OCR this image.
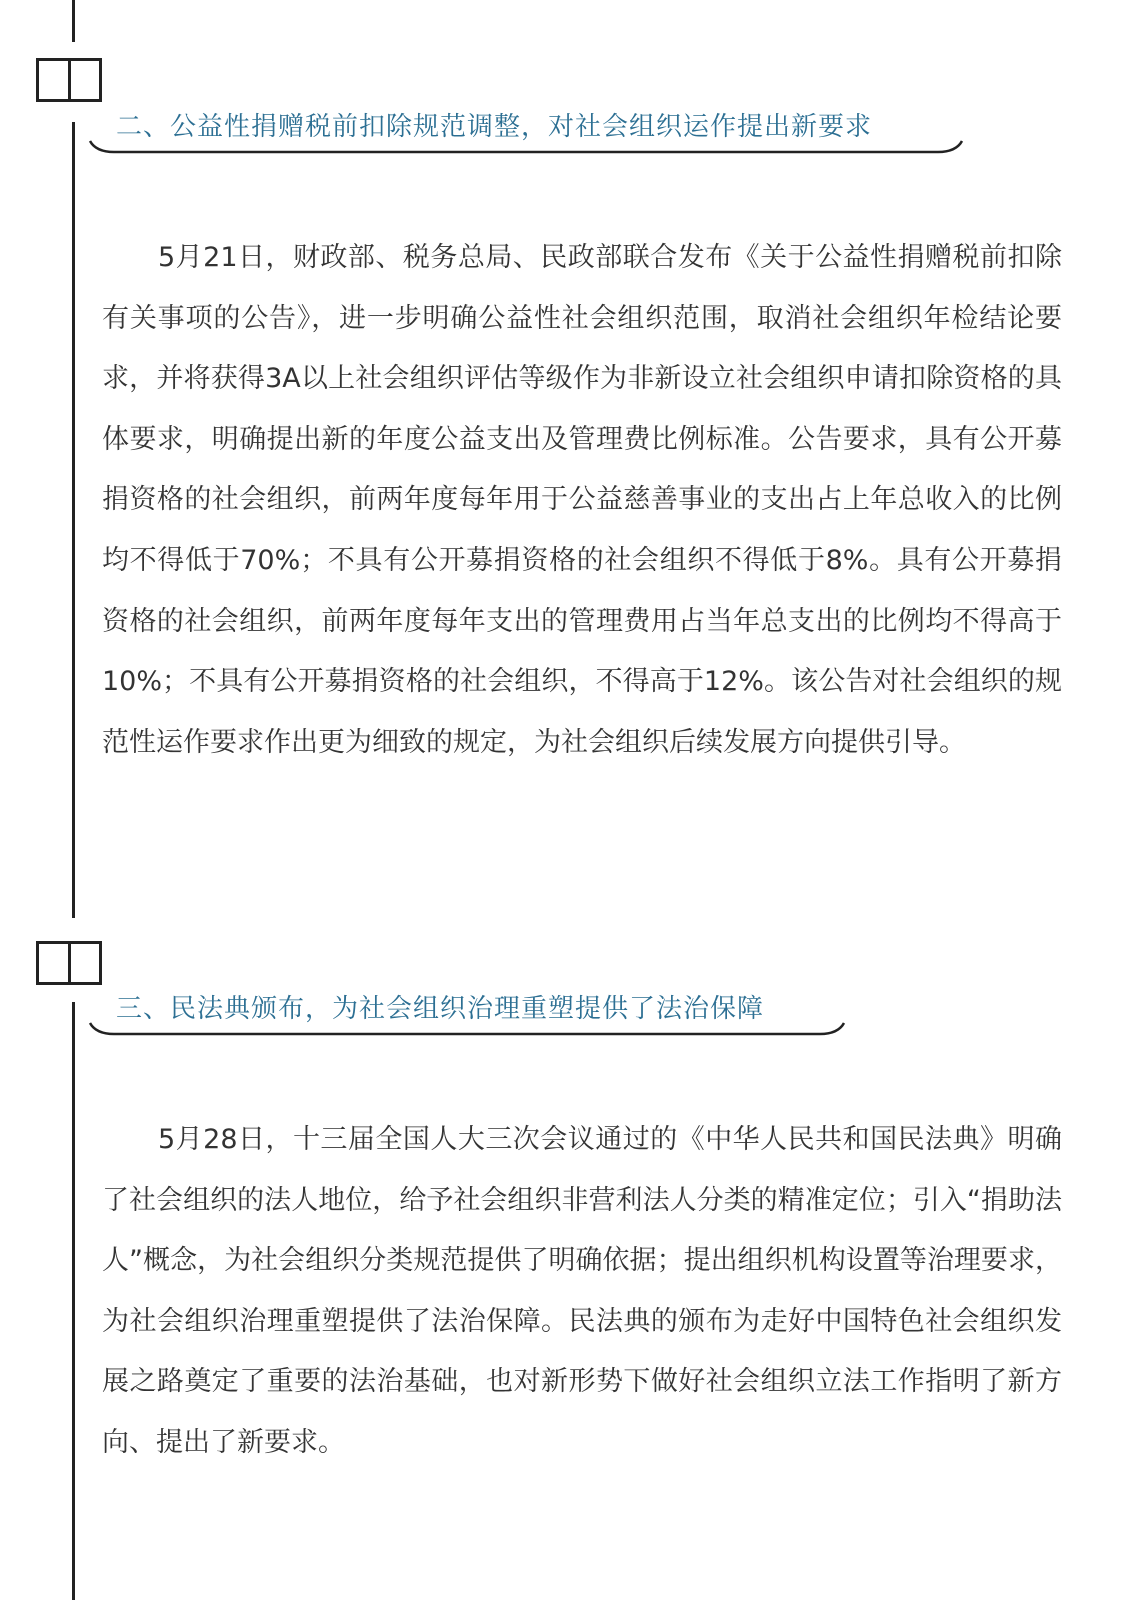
二、公益性捐赠税前扣除规范调整，对社会组织运作提出新要求

5月21日，财政部、税务总局、民政部联合发布《关于公益性捐赠税前扣除有关事项的公告》，进一步明确公益性社会组织范围，取消社会组织年检结论要求，并将获得3A以上社会组织评估等级作为非新设立社会组织申请扣除资格的具体要求，明确提出新的年度公益支出及管理费比例标准。公告要求，具有公开募捐资格的社会组织，前两年度每年用于公益慈善事业的支出占上年总收入的比例均不得低于70%；不具有公开募捐资格的社会组织不得低于8%。具有公开募捐资格的社会组织，前两年度每年支出的管理费用占当年总支出的比例均不得高于10%；不具有公开募捐资格的社会组织，不得高于12%。该公告对社会组织的规范性运作要求作出更为细致的规定，为社会组织后续发展方向提供引导。

三、民法典颁布，为社会组织治理重塑提供了法治保障

5月28日，十三届全国人大三次会议通过的《中华人民共和国民法典》明确了社会组织的法人地位，给予社会组织非营利法人分类的精准定位；引入“捐助法人”概念，为社会组织分类规范提供了明确依据；提出组织机构设置等治理要求，为社会组织治理重塑提供了法治保障。民法典的颁布为走好中国特色社会组织发展之路奠定了重要的法治基础，也对新形势下做好社会组织立法工作指明了新方向、提出了新要求。
